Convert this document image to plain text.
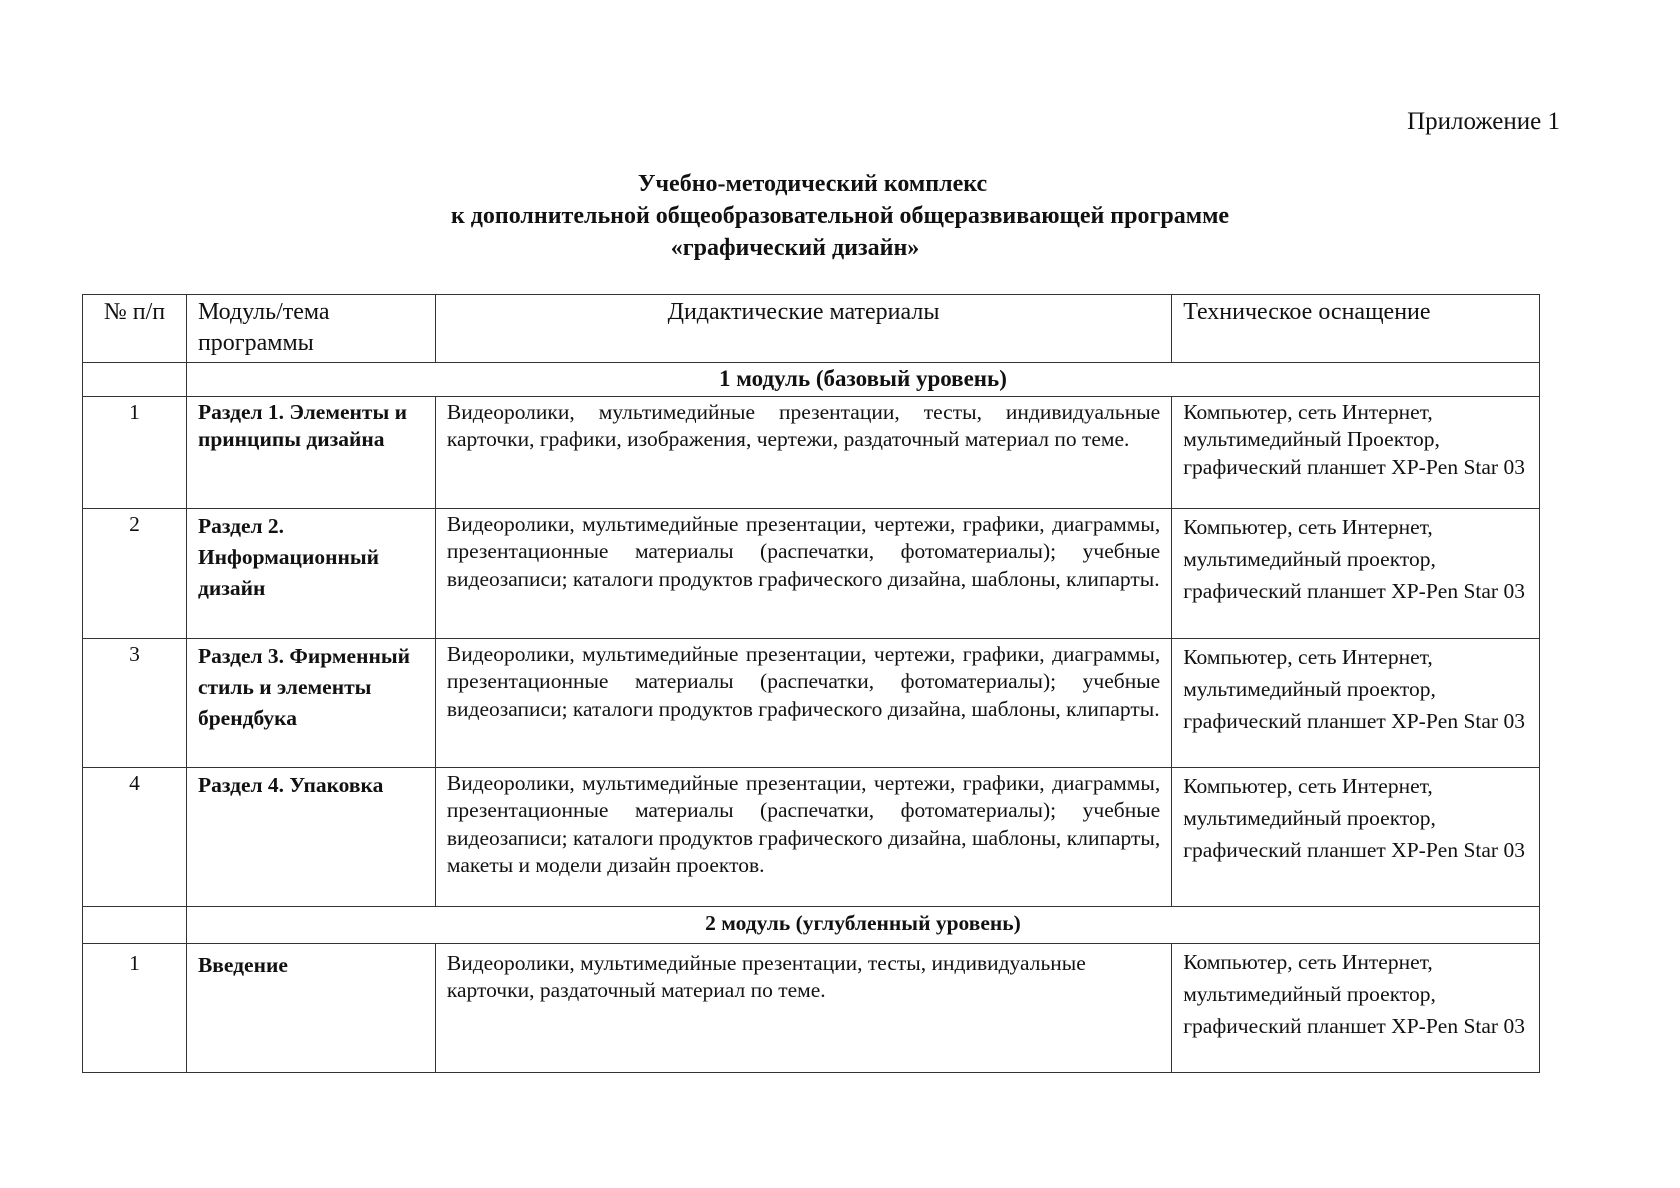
Приложение 1
Учебно-методический комплекс
к дополнительной общеобразовательной общеразвивающей программе
«графический дизайн»
№ п/п	Модуль/тема программы	Дидактические материалы	Техническое оснащение
	1 модуль (базовый уровень)		
1	Раздел 1. Элементы и принципы дизайна	Видеоролики, мультимедийные презентации, тесты, индивидуальные карточки, графики, изображения, чертежи, раздаточный материал по теме.	Компьютер, сеть Интернет, мультимедийный Проектор, графический планшет XP-Pen Star 03
2	Раздел 2. Информационный дизайн	Видеоролики, мультимедийные презентации, чертежи, графики, диаграммы, презентационные материалы (распечатки, фотоматериалы); учебные видеозаписи; каталоги продуктов графического дизайна, шаблоны, клипарты.	Компьютер, сеть Интернет, мультимедийный проектор, графический планшет XP-Pen Star 03
3	Раздел 3. Фирменный стиль и элементы брендбука	Видеоролики, мультимедийные презентации, чертежи, графики, диаграммы, презентационные материалы (распечатки, фотоматериалы); учебные видеозаписи; каталоги продуктов графического дизайна, шаблоны, клипарты.	Компьютер, сеть Интернет, мультимедийный проектор, графический планшет XP-Pen Star 03
4	Раздел 4. Упаковка	Видеоролики, мультимедийные презентации, чертежи, графики, диаграммы, презентационные материалы (распечатки, фотоматериалы); учебные видеозаписи; каталоги продуктов графического дизайна, шаблоны, клипарты, макеты и модели дизайн проектов.	Компьютер, сеть Интернет, мультимедийный проектор, графический планшет XP-Pen Star 03
	2 модуль (углубленный уровень)		
1	Введение	Видеоролики, мультимедийные презентации, тесты, индивидуальные карточки, раздаточный материал по теме.	Компьютер, сеть Интернет, мультимедийный проектор, графический планшет XP-Pen Star 03
